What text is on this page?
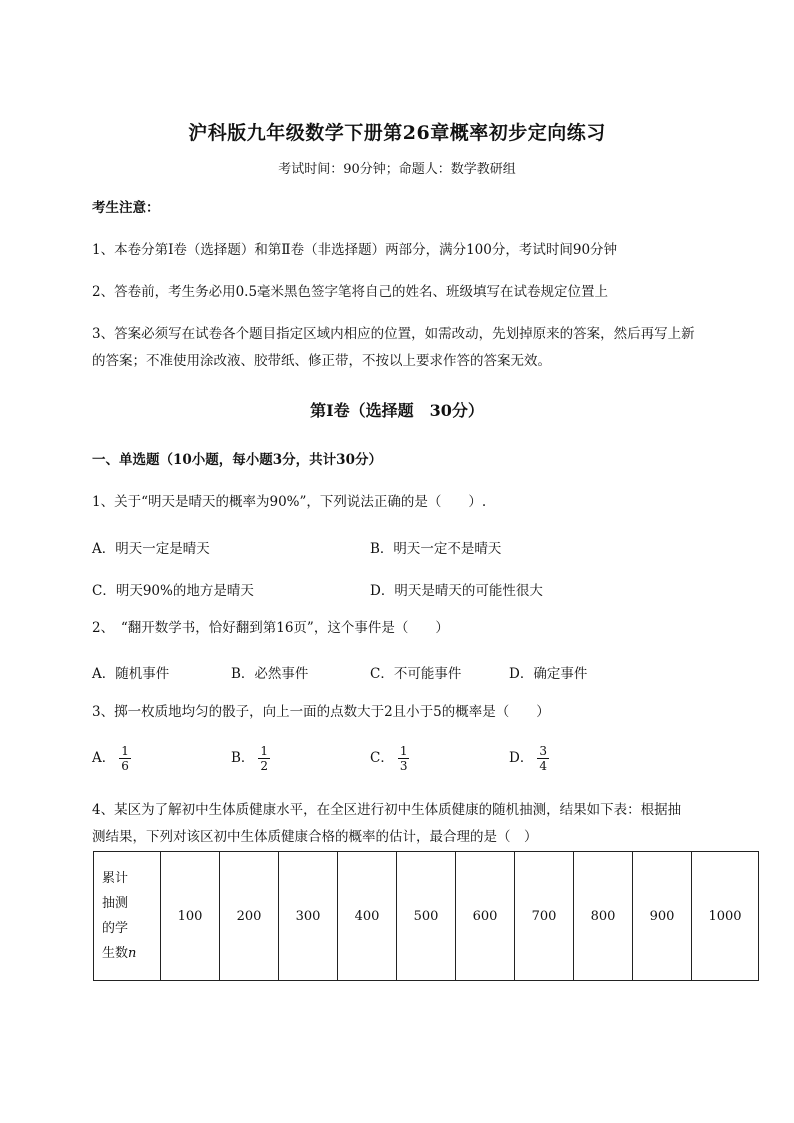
沪科版九年级数学下册第26章概率初步定向练习
考试时间：90分钟；命题人：数学教研组
考生注意：
1、本卷分第Ⅰ卷（选择题）和第Ⅱ卷（非选择题）两部分，满分100分，考试时间90分钟
2、答卷前，考生务必用0.5毫米黑色签字笔将自己的姓名、班级填写在试卷规定位置上
3、答案必须写在试卷各个题目指定区域内相应的位置，如需改动，先划掉原来的答案，然后再写上新
的答案；不准使用涂改液、胶带纸、修正带，不按以上要求作答的答案无效。
第Ⅰ卷（选择题　30分）
一、单选题（10小题，每小题3分，共计30分）
1、关于“明天是晴天的概率为90%”，下列说法正确的是（　　）.
A．明天一定是晴天	B．明天一定不是晴天
C．明天90%的地方是晴天	D．明天是晴天的可能性很大
2、　“翻开数学书，恰好翻到第16页”，这个事件是（　　）
A．随机事件	B．必然事件	C．不可能事件	D．确定事件
3、掷一枚质地均匀的骰子，向上一面的点数大于2且小于5的概率是（　　）
A． $\frac{1}{6}$	B． $\frac{1}{2}$	C． $\frac{1}{3}$	D． $\frac{3}{4}$
4、某区为了解初中生体质健康水平，在全区进行初中生体质健康的随机抽测，结果如下表：根据抽
测结果，下列对该区初中生体质健康合格的概率的估计，最合理的是（　）
累计
抽测
的学
生数n
	100	200	300	400	500	600	700	800	900	1000
